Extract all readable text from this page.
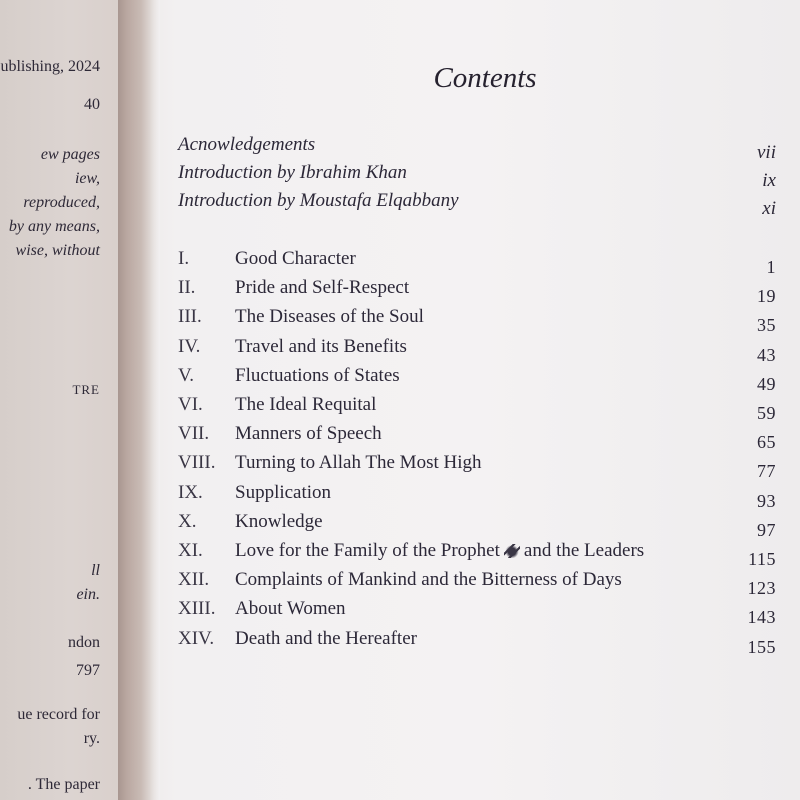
ublishing, 2024
40
ew pages
iew,
reproduced,
by any means,
wise, without
TRE
ll
ein.
ndon
797
ue record for
ry.
. The paper
Contents
Acnowledgements	vii
Introduction by Ibrahim Khan	ix
Introduction by Moustafa Elqabbany	xi
I. Good Character	1
II. Pride and Self-Respect	19
III. The Diseases of the Soul	35
IV. Travel and its Benefits	43
V. Fluctuations of States	49
VI. The Ideal Requital	59
VII. Manners of Speech	65
VIII. Turning to Allah The Most High	77
IX. Supplication	93
X. Knowledge	97
XI. Love for the Family of the Prophet and the Leaders	115
XII. Complaints of Mankind and the Bitterness of Days	123
XIII. About Women	143
XIV. Death and the Hereafter	155
